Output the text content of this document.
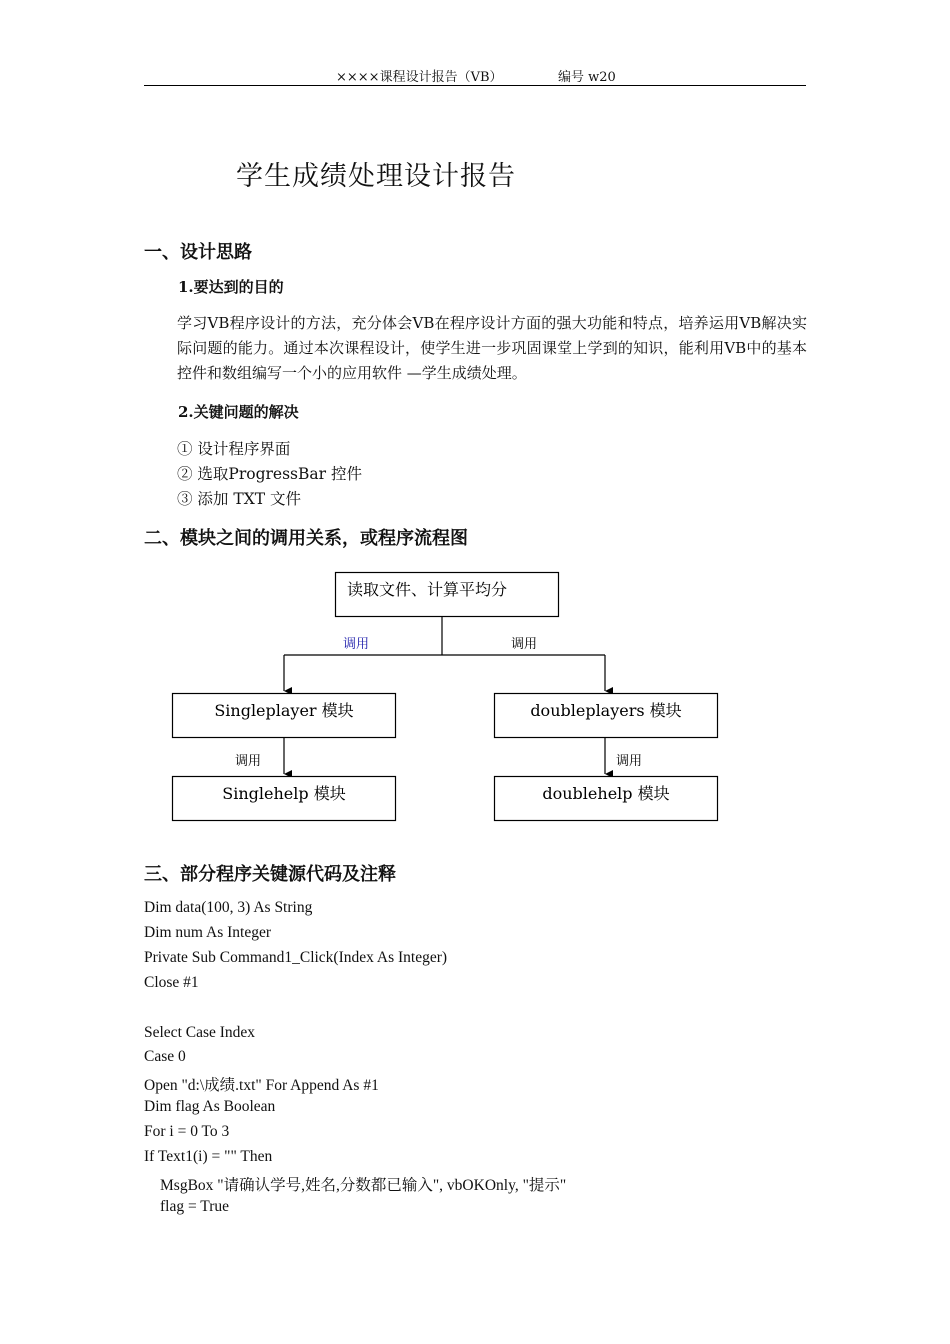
××××课程设计报告（VB）	编号 w20
学生成绩处理设计报告
一、设计思路
1.要达到的目的
学习VB程序设计的方法，充分体会VB在程序设计方面的强大功能和特点，培养运用VB解决实际问题的能力。通过本次课程设计，使学生进一步巩固课堂上学到的知识，能利用VB中的基本控件和数组编写一个小的应用软件 —学生成绩处理。
2.关键问题的解决
① 设计程序界面
② 选取ProgressBar 控件
③ 添加 TXT 文件
二、模块之间的调用关系，或程序流程图
读取文件、计算平均分
调用	调用
Singleplayer 模块	doubleplayers 模块
调用	调用
Singlehelp 模块	doublehelp 模块
三、部分程序关键源代码及注释
Dim data(100, 3) As String
Dim num As Integer
Private Sub Command1_Click(Index As Integer)
Close #1
Select Case Index
Case 0
Open "d:\成绩.txt" For Append As #1
Dim flag As Boolean
For i = 0 To 3
If Text1(i) = "" Then
MsgBox "请确认学号,姓名,分数都已输入", vbOKOnly, "提示"
flag = True
